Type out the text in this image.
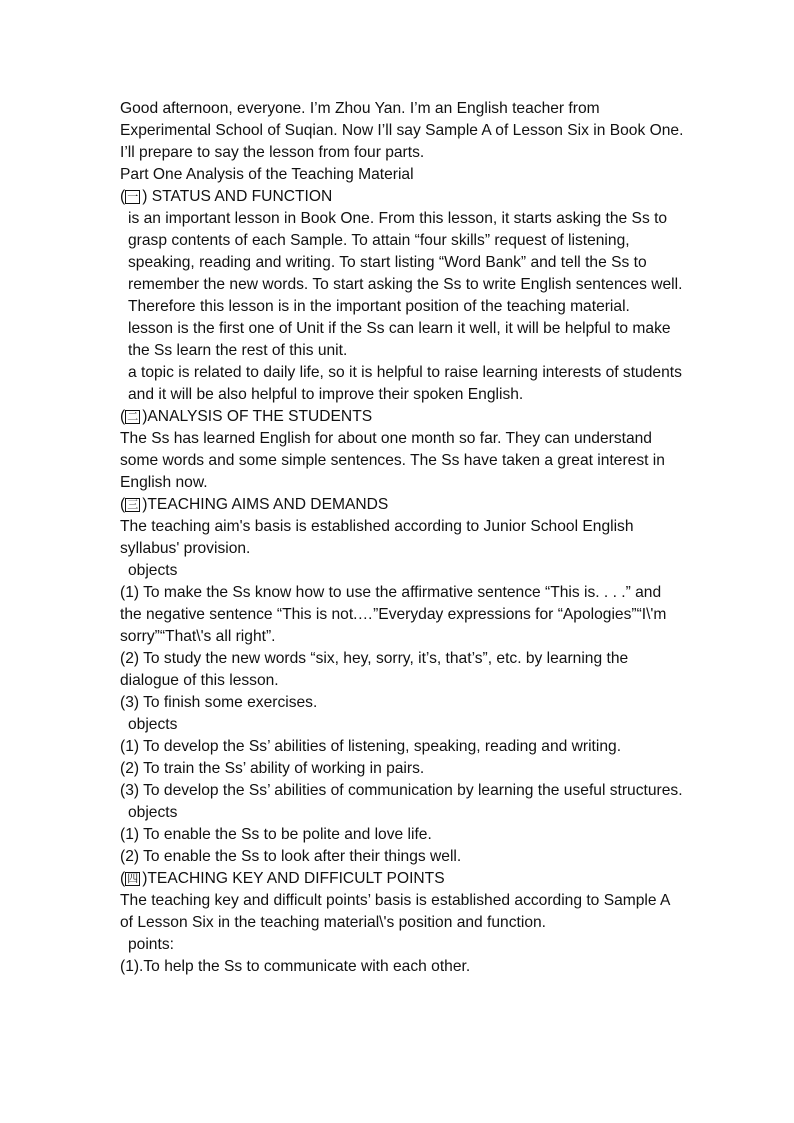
Good afternoon, everyone. I’m Zhou Yan. I’m an English teacher from Experimental School of Suqian. Now I’ll say Sample A of Lesson Six in Book One. I’ll prepare to say the lesson from four parts.

Part One Analysis of the Teaching Material

( 一 ) STATUS AND FUNCTION

is an important lesson in Book One. From this lesson, it starts asking the Ss to grasp contents of each Sample. To attain “four skills” request of listening, speaking, reading and writing. To start listing “Word Bank” and tell the Ss to remember the new words. To start asking the Ss to write English sentences well. Therefore this lesson is in the important position of the teaching material.

lesson is the first one of Unit if the Ss can learn it well, it will be helpful to make the Ss learn the rest of this unit.

a topic is related to daily life, so it is helpful to raise learning interests of students and it will be also helpful to improve their spoken English.

( 二 )ANALYSIS OF THE STUDENTS

The Ss has learned English for about one month so far. They can understand some words and some simple sentences. The Ss have taken a great interest in English now.

( 三 )TEACHING AIMS AND DEMANDS

The teaching aim's basis is established according to Junior School English syllabus' provision.

objects

(1) To make the Ss know how to use the affirmative sentence “This is. . . .” and the negative sentence “This is not.…”Everyday expressions for “Apologies”“I\'m sorry”“That\'s all right”.

(2) To study the new words “six, hey, sorry, it’s, that’s”, etc. by learning the dialogue of this lesson.

(3) To finish some exercises.

objects

(1) To develop the Ss’ abilities of listening, speaking, reading and writing.

(2) To train the Ss’ ability of working in pairs.

(3) To develop the Ss’ abilities of communication by learning the useful structures.

objects

(1) To enable the Ss to be polite and love life.

(2) To enable the Ss to look after their things well.

( 四 )TEACHING KEY AND DIFFICULT POINTS

The teaching key and difficult points’ basis is established according to Sample A of Lesson Six in the teaching material\'s position and function.

points:

(1).To help the Ss to communicate with each other.
